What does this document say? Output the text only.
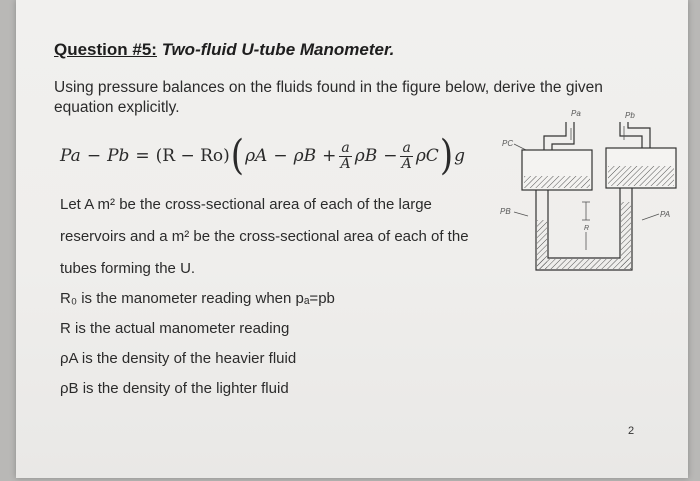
Question #5: Two-fluid U-tube Manometer.
Using pressure balances on the fluids found in the figure below, derive the given equation explicitly.
Pa − Pb = (R − Ro) ( $\rho A - \rho B + \frac{a}{A}$ $\rho B - \frac{a}{A}$ ρC ) g
Let A m² be the cross-sectional area of each of the large
reservoirs and a m² be the cross-sectional area of each of the
tubes forming the U.
R₀ is the manometer reading when pₐ=pb
R is the actual manometer reading
ρA is the density of the heavier fluid
ρB is the density of the lighter fluid
Pa	Pb
PC
PB	PA
R
2
